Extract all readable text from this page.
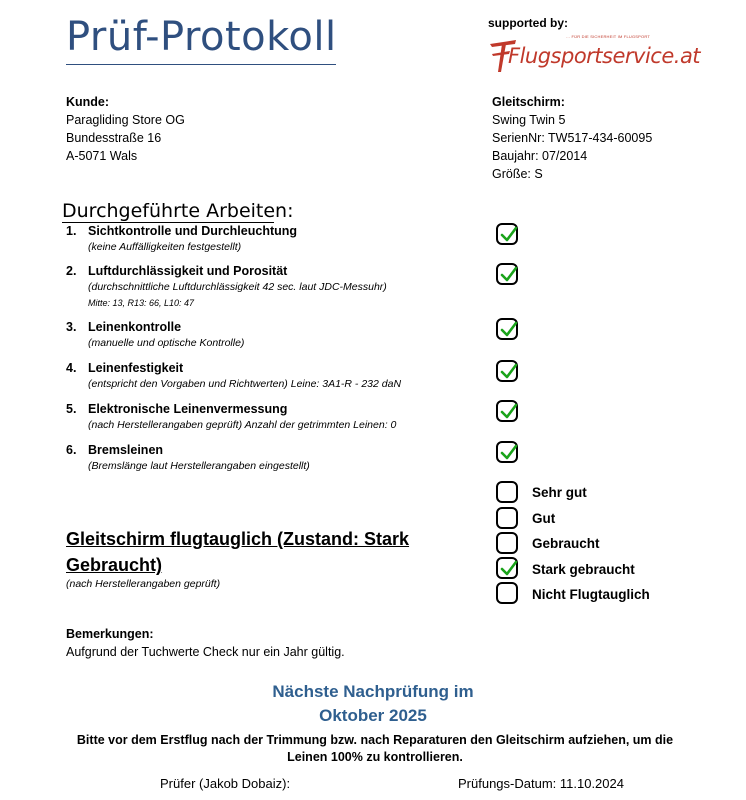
Prüf-Protokoll	supported by:
… FÜR DIE SICHERHEIT IM FLUGSPORT
Flugsportservice.at
Kunde:
Paragliding Store OG
Bundesstraße 16
A-5071 Wals
Gleitschirm:
Swing Twin 5
SerienNr: TW517-434-60095
Baujahr: 07/2014
Größe: S
Durchgeführte Arbeiten:
1. Sichtkontrolle und Durchleuchtung
(keine Auffälligkeiten festgestellt)
2. Luftdurchlässigkeit und Porosität
(durchschnittliche Luftdurchlässigkeit 42 sec. laut JDC-Messuhr)
Mitte: 13, R13: 66, L10: 47
3. Leinenkontrolle
(manuelle und optische Kontrolle)
4. Leinenfestigkeit
(entspricht den Vorgaben und Richtwerten) Leine: 3A1-R - 232 daN
5. Elektronische Leinenvermessung
(nach Herstellerangaben geprüft) Anzahl der getrimmten Leinen: 0
6. Bremsleinen
(Bremslänge laut Herstellerangaben eingestellt)
Sehr gut
Gut
Gebraucht
Stark gebraucht
Nicht Flugtauglich
Gleitschirm flugtauglich (Zustand: Stark
Gebraucht)
(nach Herstellerangaben geprüft)
Bemerkungen:
Aufgrund der Tuchwerte Check nur ein Jahr gültig.
Nächste Nachprüfung im
Oktober 2025
Bitte vor dem Erstflug nach der Trimmung bzw. nach Reparaturen den Gleitschirm aufziehen, um die
Leinen 100% zu kontrollieren.
Prüfer (Jakob Dobaiz):	Prüfungs-Datum: 11.10.2024
